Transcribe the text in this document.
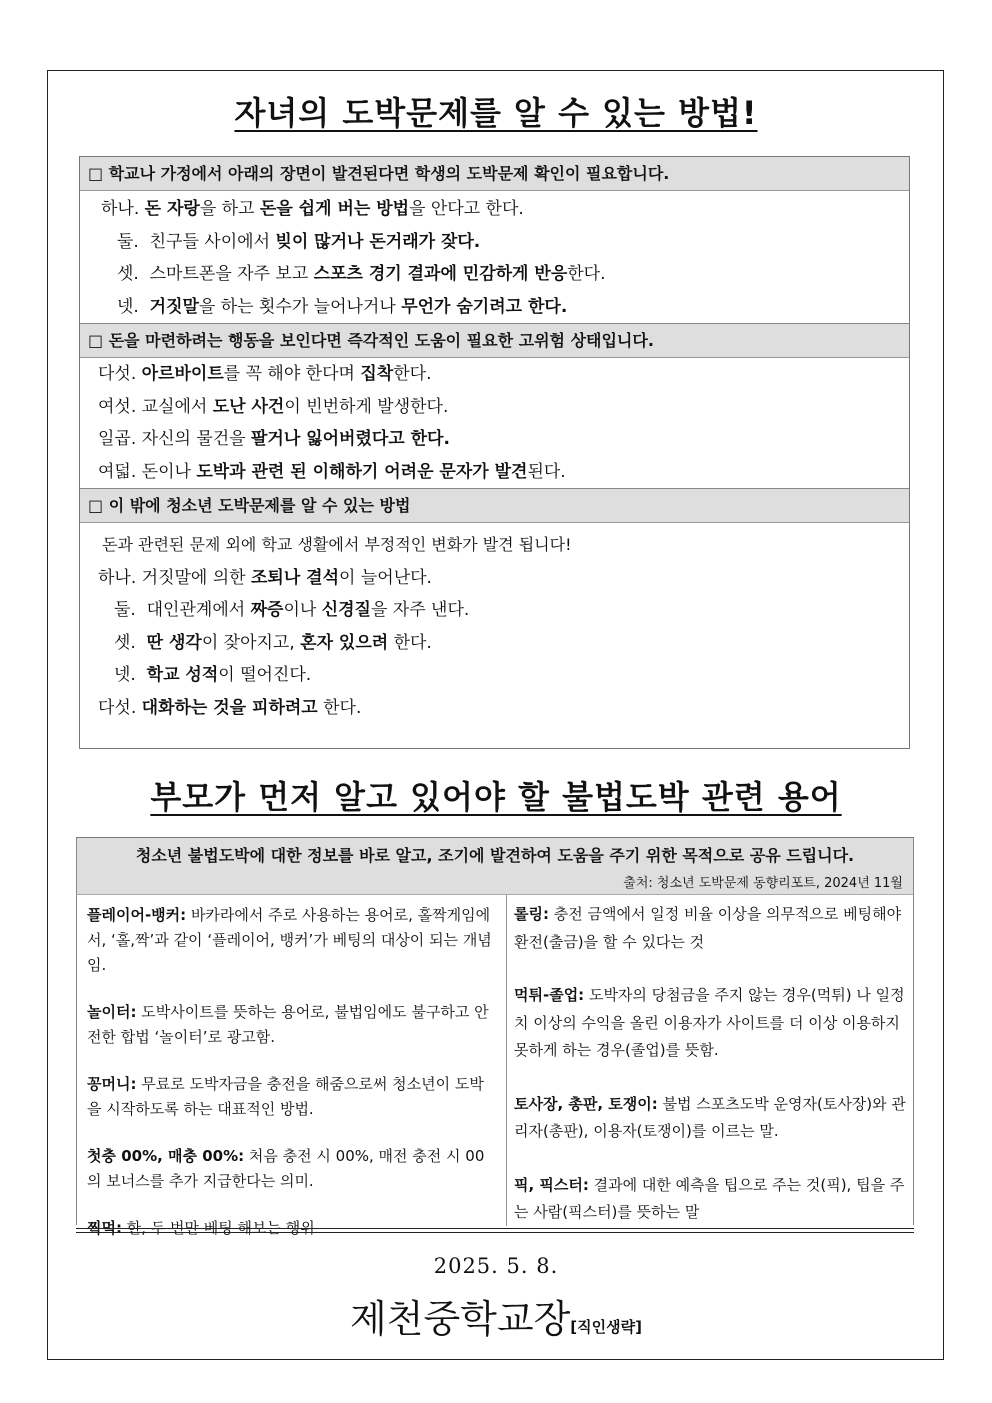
자녀의 도박문제를 알 수 있는 방법!
□ 학교나 가정에서 아래의 장면이 발견된다면 학생의 도박문제 확인이 필요합니다.
하나. 돈 자랑을 하고 돈을 쉽게 버는 방법을 안다고 한다.
둘.  친구들 사이에서 빚이 많거나 돈거래가 잦다.
셋.  스마트폰을 자주 보고 스포츠 경기 결과에 민감하게 반응한다.
넷. 거짓말을 하는 횟수가 늘어나거나 무언가 숨기려고 한다.
□ 돈을 마련하려는 행동을 보인다면 즉각적인 도움이 필요한 고위험 상태입니다.
다섯. 아르바이트를 꼭 해야 한다며 집착한다.
여섯. 교실에서 도난 사건이 빈번하게 발생한다.
일곱. 자신의 물건을 팔거나 잃어버렸다고 한다.
여덟. 돈이나 도박과 관련 된 이해하기 어려운 문자가 발견된다.
□ 이 밖에 청소년 도박문제를 알 수 있는 방법
돈과 관련된 문제 외에 학교 생활에서 부정적인 변화가 발견 됩니다!
하나. 거짓말에 의한 조퇴나 결석이 늘어난다.
둘.  대인관계에서 짜증이나 신경질을 자주 낸다.
셋. 딴 생각이 잦아지고, 혼자 있으려 한다.
넷. 학교 성적이 떨어진다.
다섯. 대화하는 것을 피하려고 한다.
부모가 먼저 알고 있어야 할 불법도박 관련 용어
청소년 불법도박에 대한 정보를 바로 알고, 조기에 발견하여 도움을 주기 위한 목적으로 공유 드립니다.
출처: 청소년 도박문제 동향리포트, 2024년 11월
플레이어-뱅커: 바카라에서 주로 사용하는 용어로, 홀짝게임에서, ‘홀,짝’과 같이 ‘플레이어, 뱅커’가 베팅의 대상이 되는 개념임.
놀이터: 도박사이트를 뜻하는 용어로, 불법임에도 불구하고 안전한 합법 ‘놀이터’로 광고함.
꽁머니: 무료로 도박자금을 충전을 해줌으로써 청소년이 도박을 시작하도록 하는 대표적인 방법.
첫충 00%, 매충 00%: 처음 충전 시 00%, 매전 충전 시 00의 보너스를 추가 지급한다는 의미.
찍먹: 한, 두 번만 베팅 해보는 행위
롤링: 충전 금액에서 일정 비율 이상을 의무적으로 베팅해야 환전(출금)을 할 수 있다는 것
먹튀-졸업: 도박자의 당첨금을 주지 않는 경우(먹튀) 나 일정 치 이상의 수익을 올린 이용자가 사이트를 더 이상 이용하지 못하게 하는 경우(졸업)를 뜻함.
토사장, 총판, 토쟁이: 불법 스포츠도박 운영자(토사장)와 관리자(총판), 이용자(토쟁이)를 이르는 말.
픽, 픽스터: 결과에 대한 예측을 팁으로 주는 것(픽), 팁을 주는 사람(픽스터)를 뜻하는 말
2025. 5. 8.
제천중학교장[직인생략]
